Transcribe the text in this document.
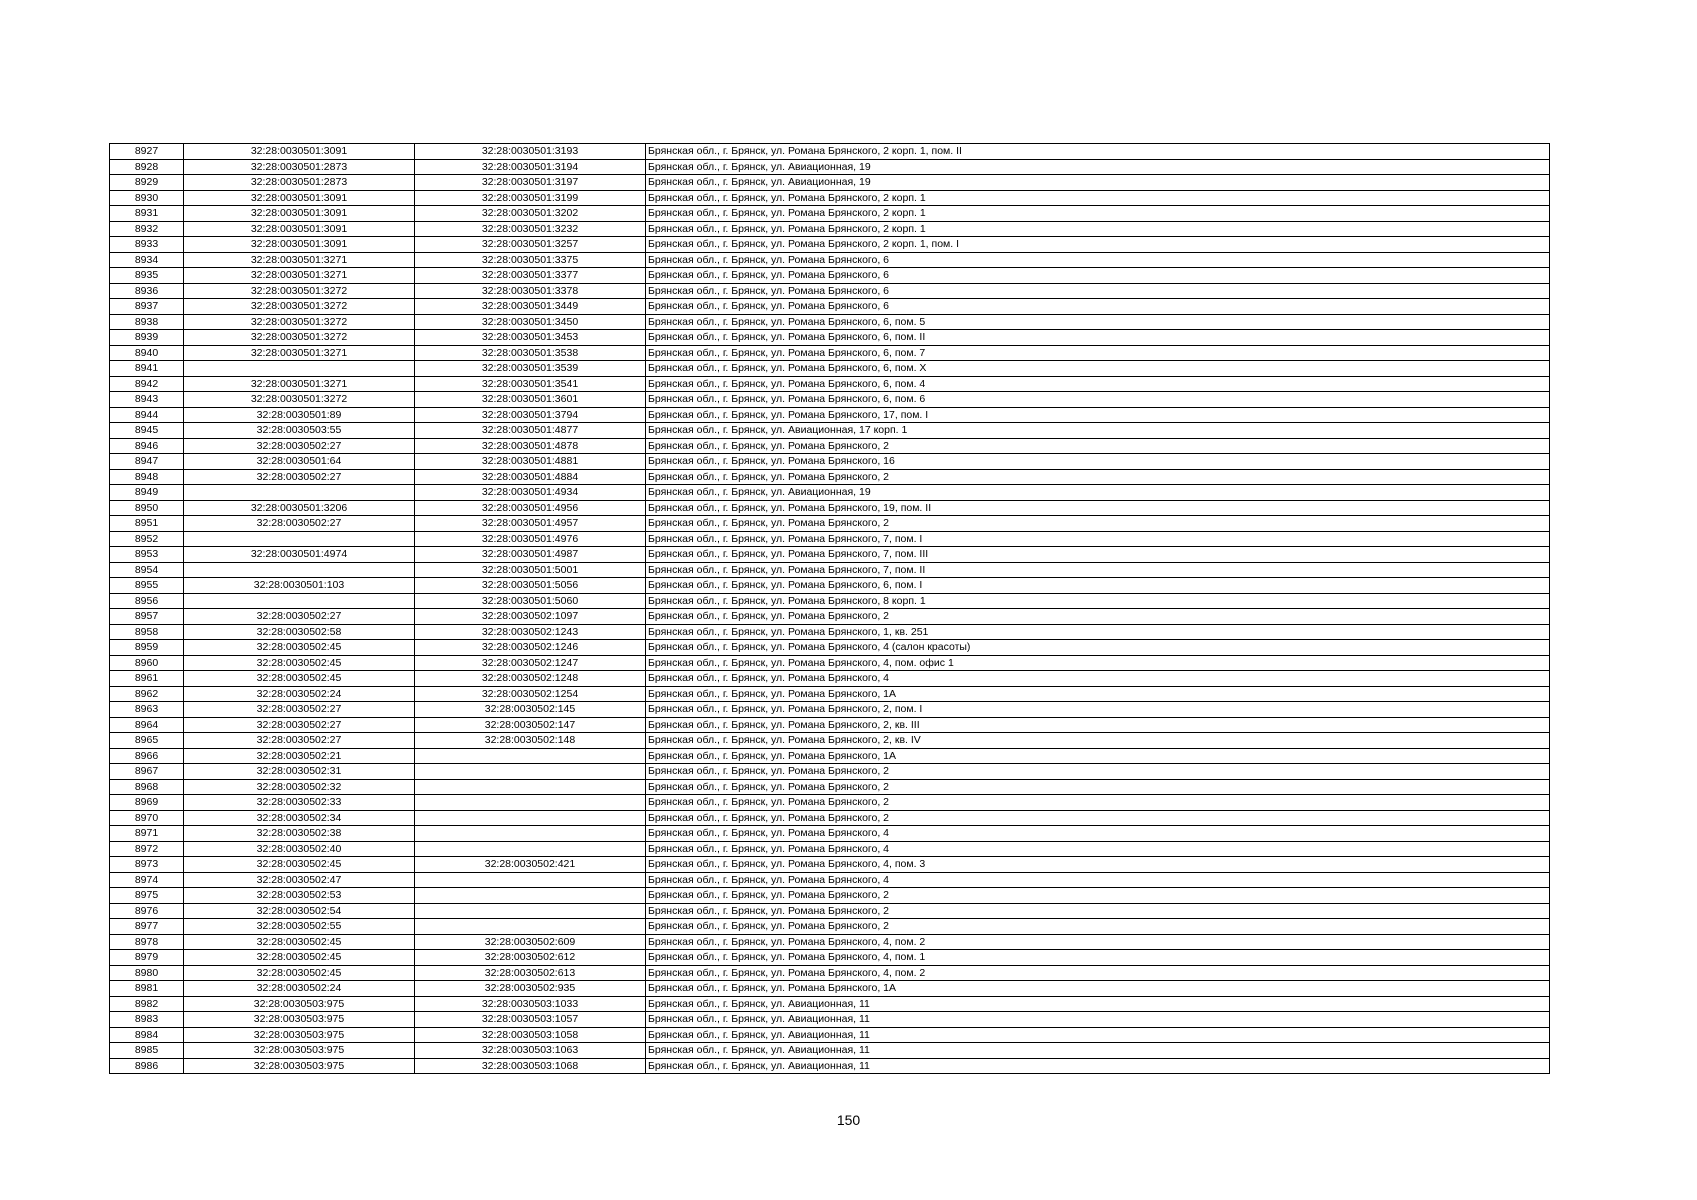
8927	32:28:0030501:3091	32:28:0030501:3193	Брянская обл., г. Брянск, ул. Романа Брянского, 2 корп. 1, пом. II
8928	32:28:0030501:2873	32:28:0030501:3194	Брянская обл., г. Брянск, ул. Авиационная, 19
8929	32:28:0030501:2873	32:28:0030501:3197	Брянская обл., г. Брянск, ул. Авиационная, 19
8930	32:28:0030501:3091	32:28:0030501:3199	Брянская обл., г. Брянск, ул. Романа Брянского, 2 корп. 1
8931	32:28:0030501:3091	32:28:0030501:3202	Брянская обл., г. Брянск, ул. Романа Брянского, 2 корп. 1
8932	32:28:0030501:3091	32:28:0030501:3232	Брянская обл., г. Брянск, ул. Романа Брянского, 2 корп. 1
8933	32:28:0030501:3091	32:28:0030501:3257	Брянская обл., г. Брянск, ул. Романа Брянского, 2 корп. 1, пом. I
8934	32:28:0030501:3271	32:28:0030501:3375	Брянская обл., г. Брянск, ул. Романа Брянского, 6
8935	32:28:0030501:3271	32:28:0030501:3377	Брянская обл., г. Брянск, ул. Романа Брянского, 6
8936	32:28:0030501:3272	32:28:0030501:3378	Брянская обл., г. Брянск, ул. Романа Брянского, 6
8937	32:28:0030501:3272	32:28:0030501:3449	Брянская обл., г. Брянск, ул. Романа Брянского, 6
8938	32:28:0030501:3272	32:28:0030501:3450	Брянская обл., г. Брянск, ул. Романа Брянского, 6, пом. 5
8939	32:28:0030501:3272	32:28:0030501:3453	Брянская обл., г. Брянск, ул. Романа Брянского, 6, пом. II
8940	32:28:0030501:3271	32:28:0030501:3538	Брянская обл., г. Брянск, ул. Романа Брянского, 6, пом. 7
8941		32:28:0030501:3539	Брянская обл., г. Брянск, ул. Романа Брянского, 6, пом. Х
8942	32:28:0030501:3271	32:28:0030501:3541	Брянская обл., г. Брянск, ул. Романа Брянского, 6, пом. 4
8943	32:28:0030501:3272	32:28:0030501:3601	Брянская обл., г. Брянск, ул. Романа Брянского, 6, пом. 6
8944	32:28:0030501:89	32:28:0030501:3794	Брянская обл., г. Брянск, ул. Романа Брянского, 17, пом. I
8945	32:28:0030503:55	32:28:0030501:4877	Брянская обл., г. Брянск, ул. Авиационная, 17 корп. 1
8946	32:28:0030502:27	32:28:0030501:4878	Брянская обл., г. Брянск, ул. Романа Брянского, 2
8947	32:28:0030501:64	32:28:0030501:4881	Брянская обл., г. Брянск, ул. Романа Брянского, 16
8948	32:28:0030502:27	32:28:0030501:4884	Брянская обл., г. Брянск, ул. Романа Брянского, 2
8949		32:28:0030501:4934	Брянская обл., г. Брянск, ул. Авиационная, 19
8950	32:28:0030501:3206	32:28:0030501:4956	Брянская обл., г. Брянск, ул. Романа Брянского, 19, пом. II
8951	32:28:0030502:27	32:28:0030501:4957	Брянская обл., г. Брянск, ул. Романа Брянского, 2
8952		32:28:0030501:4976	Брянская обл., г. Брянск, ул. Романа Брянского, 7, пом. I
8953	32:28:0030501:4974	32:28:0030501:4987	Брянская обл., г. Брянск, ул. Романа Брянского, 7, пом. III
8954		32:28:0030501:5001	Брянская обл., г. Брянск, ул. Романа Брянского, 7, пом. II
8955	32:28:0030501:103	32:28:0030501:5056	Брянская обл., г. Брянск, ул. Романа Брянского, 6, пом. I
8956		32:28:0030501:5060	Брянская обл., г. Брянск, ул. Романа Брянского, 8 корп. 1
8957	32:28:0030502:27	32:28:0030502:1097	Брянская обл., г. Брянск, ул. Романа Брянского, 2
8958	32:28:0030502:58	32:28:0030502:1243	Брянская обл., г. Брянск, ул. Романа Брянского, 1, кв. 251
8959	32:28:0030502:45	32:28:0030502:1246	Брянская обл., г. Брянск, ул. Романа Брянского, 4 (салон красоты)
8960	32:28:0030502:45	32:28:0030502:1247	Брянская обл., г. Брянск, ул. Романа Брянского, 4, пом. офис 1
8961	32:28:0030502:45	32:28:0030502:1248	Брянская обл., г. Брянск, ул. Романа Брянского, 4
8962	32:28:0030502:24	32:28:0030502:1254	Брянская обл., г. Брянск, ул. Романа Брянского, 1А
8963	32:28:0030502:27	32:28:0030502:145	Брянская обл., г. Брянск, ул. Романа Брянского, 2, пом. I
8964	32:28:0030502:27	32:28:0030502:147	Брянская обл., г. Брянск, ул. Романа Брянского, 2, кв. III
8965	32:28:0030502:27	32:28:0030502:148	Брянская обл., г. Брянск, ул. Романа Брянского, 2, кв. IV
8966	32:28:0030502:21		Брянская обл., г. Брянск, ул. Романа Брянского, 1А
8967	32:28:0030502:31		Брянская обл., г. Брянск, ул. Романа Брянского, 2
8968	32:28:0030502:32		Брянская обл., г. Брянск, ул. Романа Брянского, 2
8969	32:28:0030502:33		Брянская обл., г. Брянск, ул. Романа Брянского, 2
8970	32:28:0030502:34		Брянская обл., г. Брянск, ул. Романа Брянского, 2
8971	32:28:0030502:38		Брянская обл., г. Брянск, ул. Романа Брянского, 4
8972	32:28:0030502:40		Брянская обл., г. Брянск, ул. Романа Брянского, 4
8973	32:28:0030502:45	32:28:0030502:421	Брянская обл., г. Брянск, ул. Романа Брянского, 4, пом. 3
8974	32:28:0030502:47		Брянская обл., г. Брянск, ул. Романа Брянского, 4
8975	32:28:0030502:53		Брянская обл., г. Брянск, ул. Романа Брянского, 2
8976	32:28:0030502:54		Брянская обл., г. Брянск, ул. Романа Брянского, 2
8977	32:28:0030502:55		Брянская обл., г. Брянск, ул. Романа Брянского, 2
8978	32:28:0030502:45	32:28:0030502:609	Брянская обл., г. Брянск, ул. Романа Брянского, 4, пом. 2
8979	32:28:0030502:45	32:28:0030502:612	Брянская обл., г. Брянск, ул. Романа Брянского, 4, пом. 1
8980	32:28:0030502:45	32:28:0030502:613	Брянская обл., г. Брянск, ул. Романа Брянского, 4, пом. 2
8981	32:28:0030502:24	32:28:0030502:935	Брянская обл., г. Брянск, ул. Романа Брянского, 1А
8982	32:28:0030503:975	32:28:0030503:1033	Брянская обл., г. Брянск, ул. Авиационная, 11
8983	32:28:0030503:975	32:28:0030503:1057	Брянская обл., г. Брянск, ул. Авиационная, 11
8984	32:28:0030503:975	32:28:0030503:1058	Брянская обл., г. Брянск, ул. Авиационная, 11
8985	32:28:0030503:975	32:28:0030503:1063	Брянская обл., г. Брянск, ул. Авиационная, 11
8986	32:28:0030503:975	32:28:0030503:1068	Брянская обл., г. Брянск, ул. Авиационная, 11
150
